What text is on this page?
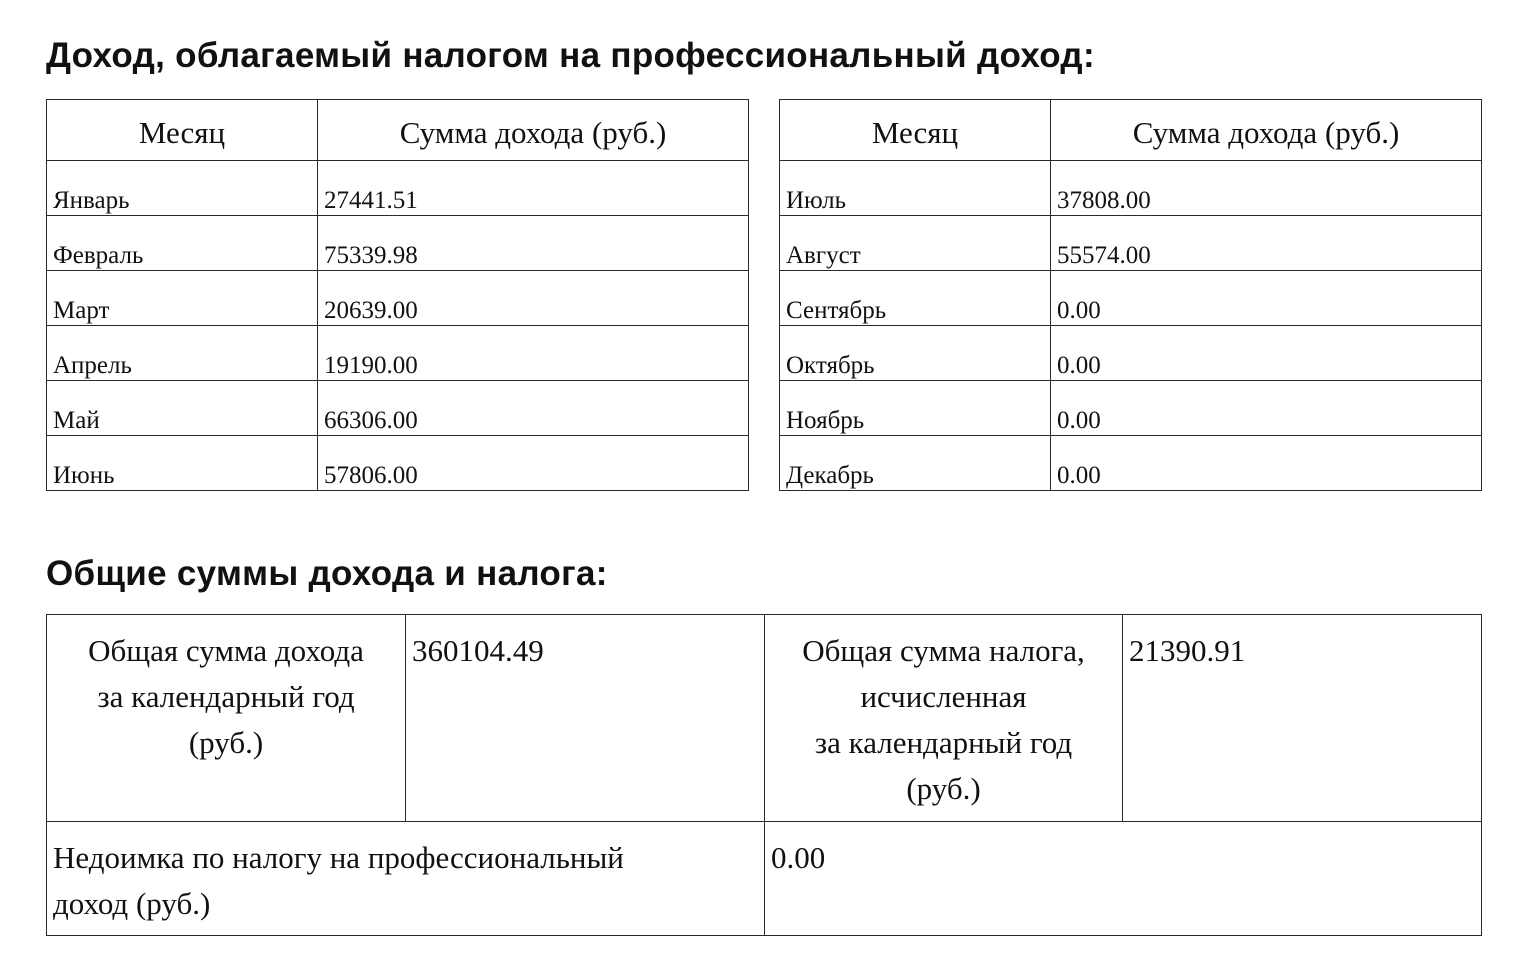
Доход, облагаемый налогом на профессиональный доход:
Месяц	Сумма дохода (руб.)
Январь	27441.51
Февраль	75339.98
Март	20639.00
Апрель	19190.00
Май	66306.00
Июнь	57806.00
Месяц	Сумма дохода (руб.)
Июль	37808.00
Август	55574.00
Сентябрь	0.00
Октябрь	0.00
Ноябрь	0.00
Декабрь	0.00
Общие суммы дохода и налога:
Общая сумма дохода
за календарный год
(руб.)	360104.49	Общая сумма налога,
исчисленная
за календарный год
(руб.)	21390.91

Недоимка по налогу на профессиональный
доход (руб.)		0.00	
